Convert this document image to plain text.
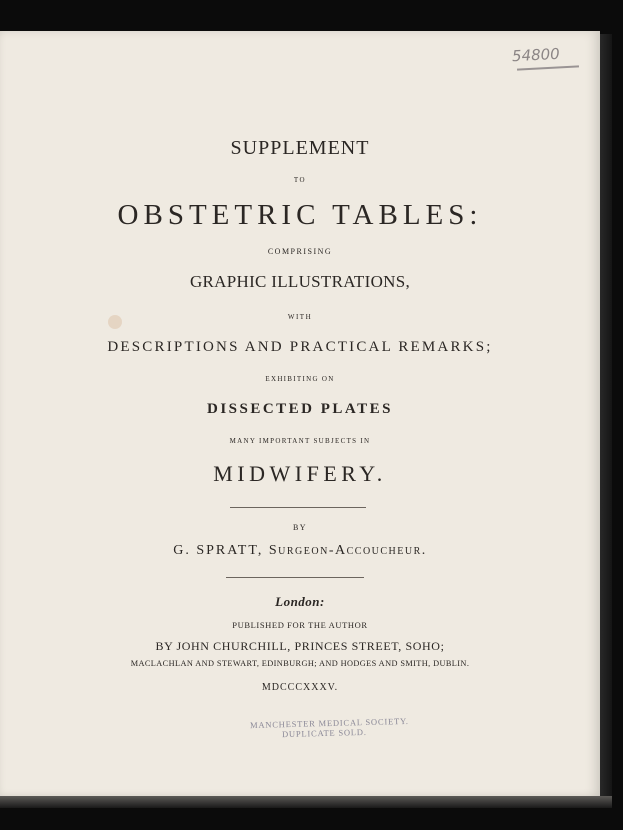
SUPPLEMENT
TO
OBSTETRIC TABLES:
COMPRISING
GRAPHIC ILLUSTRATIONS,
WITH
DESCRIPTIONS AND PRACTICAL REMARKS;
EXHIBITING ON
DISSECTED PLATES
MANY IMPORTANT SUBJECTS IN
MIDWIFERY.
BY
G. SPRATT, Surgeon-Accoucheur.
London:
PUBLISHED FOR THE AUTHOR
BY JOHN CHURCHILL, PRINCES STREET, SOHO;
MACLACHLAN AND STEWART, EDINBURGH; AND HODGES AND SMITH, DUBLIN.
MDCCCXXXV.
MANCHESTER MEDICAL SOCIETY.
DUPLICATE SOLD.
54800
